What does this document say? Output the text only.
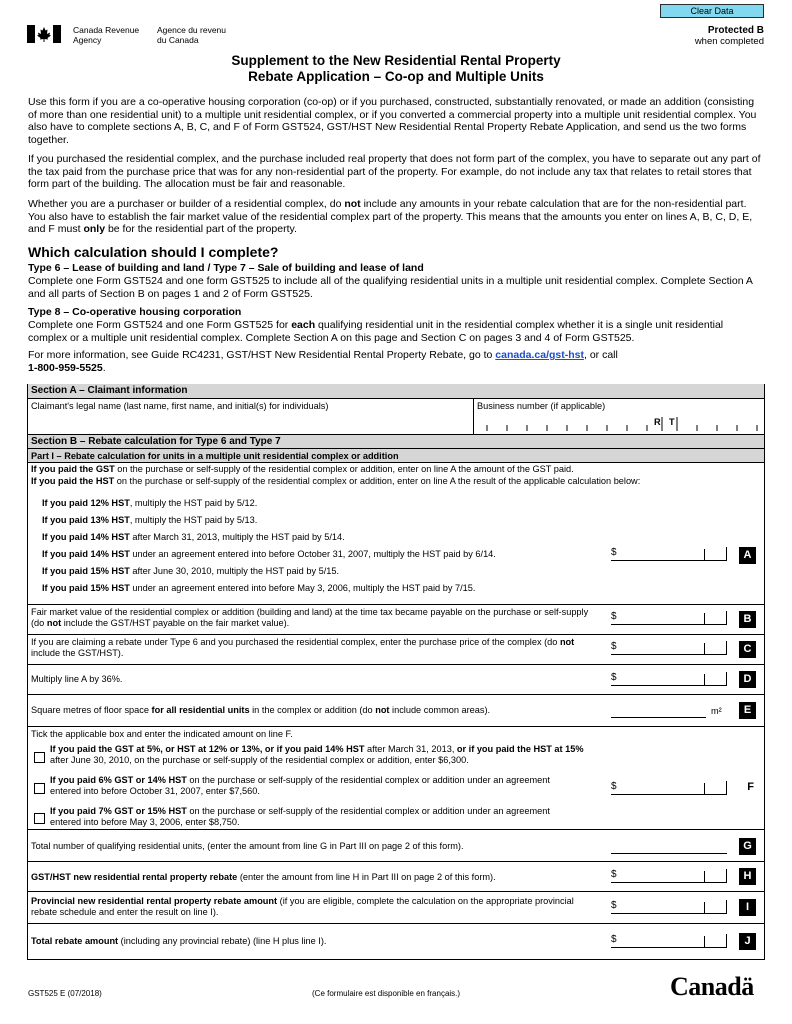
Clear Data
Canada Revenue
Agency
Agence du revenu
du Canada
Protected B
when completed
Supplement to the New Residential Rental Property
Rebate Application – Co-op and Multiple Units
Use this form if you are a co-operative housing corporation (co-op) or if you purchased, constructed, substantially renovated, or made an addition (consisting of more than one residential unit) to a multiple unit residential complex, or if you converted a commercial property into a multiple unit residential complex. You also have to complete sections A, B, C, and F of Form GST524, GST/HST New Residential Rental Property Rebate Application, and send us the two forms together.
If you purchased the residential complex, and the purchase included real property that does not form part of the complex, you have to separate out any part of the tax paid from the purchase price that was for any non-residential part of the property. For example, do not include any tax that relates to retail stores that form part of the building. The allocation must be fair and reasonable.
Whether you are a purchaser or builder of a residential complex, do not include any amounts in your rebate calculation that are for the non-residential part. You also have to establish the fair market value of the residential complex part of the property. This means that the amounts you enter on lines A, B, C, D, E, and F must only be for the residential part of the property.
Which calculation should I complete?
Type 6 – Lease of building and land / Type 7 – Sale of building and lease of land
Complete one Form GST524 and one form GST525 to include all of the qualifying residential units in a multiple unit residential complex. Complete Section A and all parts of Section B on pages 1 and 2 of Form GST525.
Type 8 – Co-operative housing corporation
Complete one Form GST524 and one Form GST525 for each qualifying residential unit in the residential complex whether it is a single unit residential complex or a multiple unit residential complex. Complete Section A on this page and Section C on pages 3 and 4 of Form GST525.
For more information, see Guide RC4231, GST/HST New Residential Rental Property Rebate, go to canada.ca/gst-hst, or call
1-800-959-5525.
Section A – Claimant information
Claimant's legal name (last name, first name, and initial(s) for individuals)	Business number (if applicable)
R T
Section B – Rebate calculation for Type 6 and Type 7
Part I – Rebate calculation for units in a multiple unit residential complex or addition
If you paid the GST on the purchase or self-supply of the residential complex or addition, enter on line A the amount of the GST paid.
If you paid the HST on the purchase or self-supply of the residential complex or addition, enter on line A the result of the applicable calculation below:
If you paid 12% HST, multiply the HST paid by 5/12.
If you paid 13% HST, multiply the HST paid by 5/13.
If you paid 14% HST after March 31, 2013, multiply the HST paid by 5/14.
If you paid 14% HST under an agreement entered into before October 31, 2007, multiply the HST paid by 6/14.
If you paid 15% HST after June 30, 2010, multiply the HST paid by 5/15.
If you paid 15% HST under an agreement entered into before May 3, 2006, multiply the HST paid by 7/15.
$	A
Fair market value of the residential complex or addition (building and land) at the time tax became payable on the purchase or self-supply (do not include the GST/HST payable on the fair market value).
$	B
If you are claiming a rebate under Type 6 and you purchased the residential complex, enter the purchase price of the complex (do not include the GST/HST).
$	C
Multiply line A by 36%.	$	D
Square metres of floor space for all residential units in the complex or addition (do not include common areas).	m²	E
Tick the applicable box and enter the indicated amount on line F.
If you paid the GST at 5%, or HST at 12% or 13%, or if you paid 14% HST after March 31, 2013, or if you paid the HST at 15% after June 30, 2010, on the purchase or self-supply of the residential complex or addition, enter $6,300.
If you paid 6% GST or 14% HST on the purchase or self-supply of the residential complex or addition under an agreement entered into before October 31, 2007, enter $7,560.
If you paid 7% GST or 15% HST on the purchase or self-supply of the residential complex or addition under an agreement entered into before May 3, 2006, enter $8,750.
$	F
Total number of qualifying residential units, (enter the amount from line G in Part III on page 2 of this form).	G
GST/HST new residential rental property rebate (enter the amount from line H in Part III on page 2 of this form).	$	H
Provincial new residential rental property rebate amount (if you are eligible, complete the calculation on the appropriate provincial rebate schedule and enter the result on line I).
$	I
Total rebate amount (including any provincial rebate) (line H plus line I).	$	J
GST525 E (07/2018)	(Ce formulaire est disponible en français.)	Canadä
